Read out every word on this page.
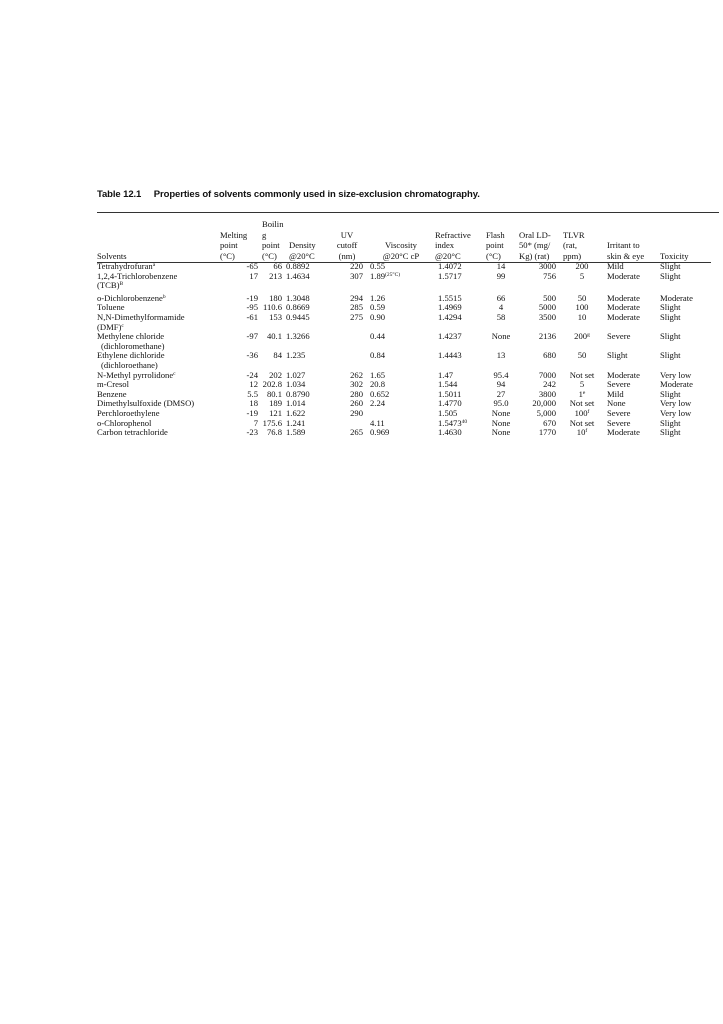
Table 12.1 Properties of solvents commonly used in size-exclusion chromatography.
Solvents	Melting
point
(°C)	Boilin
g
point
(°C)	Density
@20°C	UV
cutoff
(nm)	Viscosity
@20°C cP	Refractive
index
@20°C	Flash
point
(°C)	Oral LD-
50* (mg/
Kg) (rat)	TLVR
(rat,
ppm)	Irritant to
skin & eye	Toxicity
Tetrahydrofuran$^a$	-65	66	0.8892	220	0.55	1.4072	14	3000	200	Mild	Slight
1,2,4-Trichlorobenzene
(TCB)$^B$	17	213	1.4634	307	$1.89^{(25^\circ C)}$	1.5717	99	756	5	Moderate	Slight
o-Dichlorobenzene$^b$	-19	180	1.3048	294	1.26	1.5515	66	500	50	Moderate	Moderate
Toluene	-95	110.6	0.8669	285	0.59	1.4969	4	5000	100	Moderate	Slight
N,N-Dimethylformamide
(DMF)$^c$	-61	153	0.9445	275	0.90	1.4294	58	3500	10	Moderate	Slight
Methylene chloride
(dichloromethane)	-97	40.1	1.3266		0.44	1.4237	None	2136	200$^g$	Severe	Slight
Ethylene dichloride
(dichloroethane)	-36	84	1.235		0.84	1.4443	13	680	50	Slight	Slight
N-Methyl pyrrolidone$^c$	-24	202	1.027	262	1.65	1.47	95.4	7000	Not set	Moderate	Very low
m-Cresol	12	202.8	1.034	302	20.8	1.544	94	242	5	Severe	Moderate
Benzene	5.5	80.1	0.8790	280	0.652	1.5011	27	3800	1e	Mild	Slight
Dimethylsulfoxide (DMSO)	18	189	1.014	260	2.24	1.4770	95.0	20,000	Not set	None	Very low
Perchloroethylene	-19	121	1.622	290		1.505	None	5,000	100$^f$	Severe	Very low
o-Chlorophenol	7	175.6	1.241		4.11	1.5473$^{40}$	None	670	Not set	Severe	Slight
Carbon tetrachloride	-23	76.8	1.589	265	0.969	1.4630	None	1770	10$^f$	Moderate	Slight
